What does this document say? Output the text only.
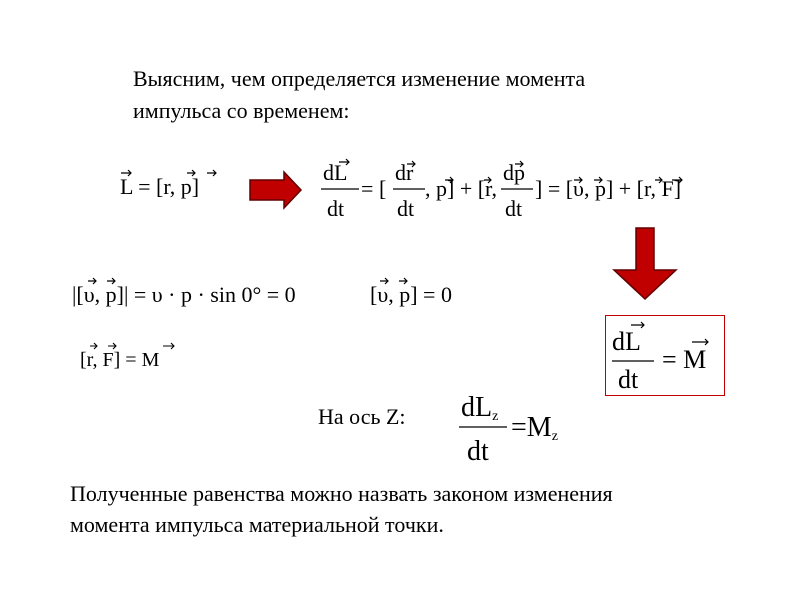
Выясним, чем определяется изменение момента
импульса со временем:
L = [r, p]
dL
dt
= [
dr
dt
, p] + [r,
dp
dt
] = [υ, p] + [r, F]
|[υ, p]| = υ · p · sin 0° = 0	[υ, p] = 0
[r, F] = M
dL
dt
= M
На ось Z: dLz
dt
=Mz
Полученные равенства можно назвать законом изменения
момента импульса материальной точки.
